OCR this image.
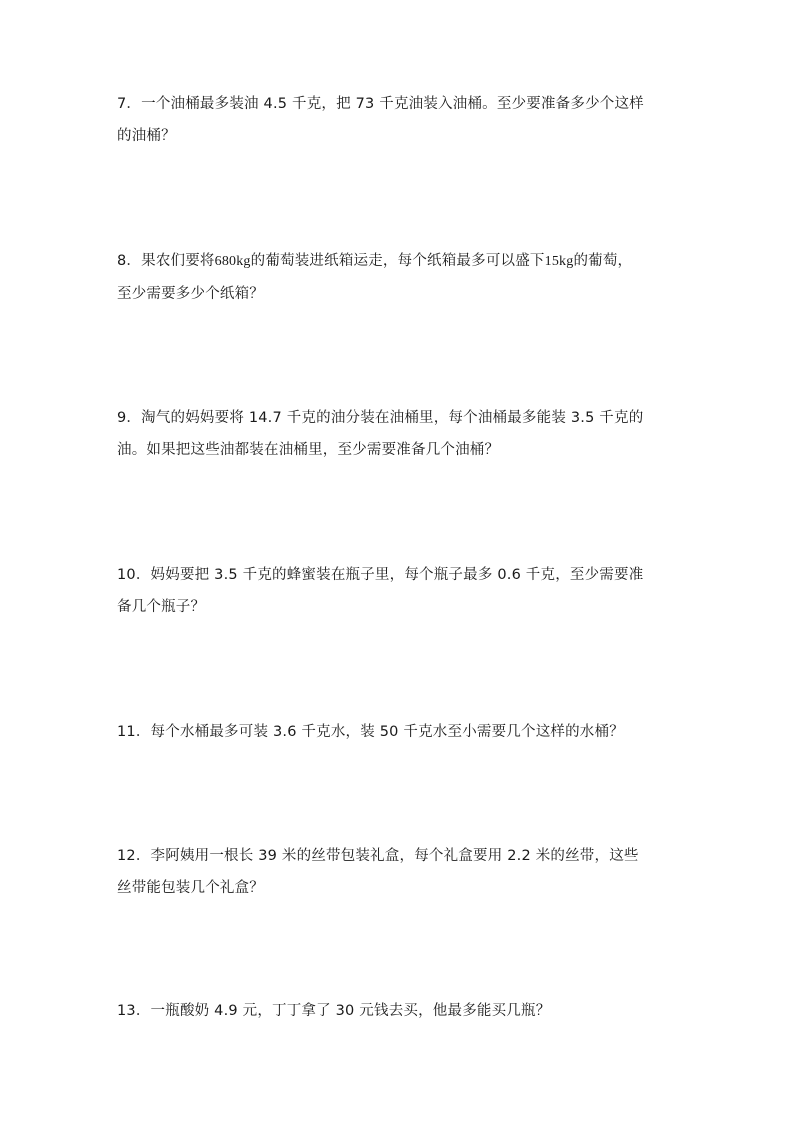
7．一个油桶最多装油 4.5 千克，把 73 千克油装入油桶。至少要准备多少个这样

的油桶？

8．果农们要将680kg的葡萄装进纸箱运走，每个纸箱最多可以盛下15kg的葡萄，

至少需要多少个纸箱？

9．淘气的妈妈要将 14.7 千克的油分装在油桶里，每个油桶最多能装 3.5 千克的

油。如果把这些油都装在油桶里，至少需要准备几个油桶？

10．妈妈要把 3.5 千克的蜂蜜装在瓶子里，每个瓶子最多 0.6 千克，至少需要准

备几个瓶子？

11．每个水桶最多可装 3.6 千克水，装 50 千克水至小需要几个这样的水桶？

12．李阿姨用一根长 39 米的丝带包装礼盒，每个礼盒要用 2.2 米的丝带，这些

丝带能包装几个礼盒？

13．一瓶酸奶 4.9 元，丁丁拿了 30 元钱去买，他最多能买几瓶？
